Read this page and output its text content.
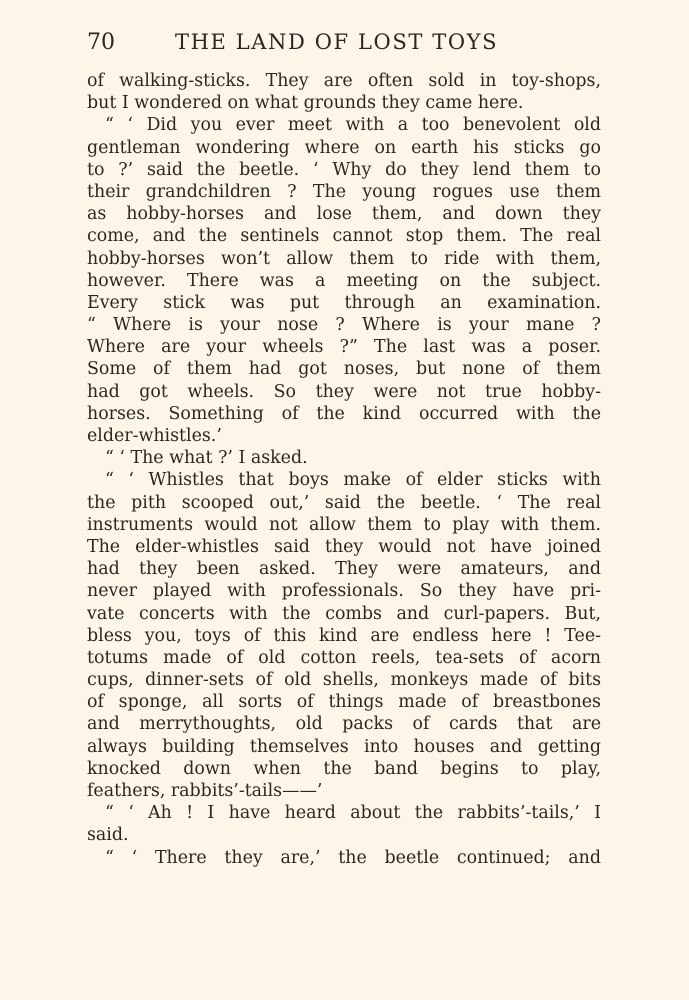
70	THE LAND OF LOST TOYS
of walking-sticks. They are often sold in toy-shops,
but I wondered on what grounds they came here.
“ ‘ Did you ever meet with a too benevolent old
gentleman wondering where on earth his sticks go
to ?’ said the beetle. ‘ Why do they lend them to
their grandchildren ? The young rogues use them
as hobby-horses and lose them, and down they
come, and the sentinels cannot stop them. The real
hobby-horses won’t allow them to ride with them,
however. There was a meeting on the subject.
Every stick was put through an examination.
“ Where is your nose ? Where is your mane ?
Where are your wheels ?” The last was a poser.
Some of them had got noses, but none of them
had got wheels. So they were not true hobby-
horses. Something of the kind occurred with the
elder-whistles.’
“ ‘ The what ?’ I asked.
“ ‘ Whistles that boys make of elder sticks with
the pith scooped out,’ said the beetle. ‘ The real
instruments would not allow them to play with them.
The elder-whistles said they would not have joined
had they been asked. They were amateurs, and
never played with professionals. So they have pri-
vate concerts with the combs and curl-papers. But,
bless you, toys of this kind are endless here ! Tee-
totums made of old cotton reels, tea-sets of acorn
cups, dinner-sets of old shells, monkeys made of bits
of sponge, all sorts of things made of breastbones
and merrythoughts, old packs of cards that are
always building themselves into houses and getting
knocked down when the band begins to play,
feathers, rabbits’-tails——’
“ ‘ Ah ! I have heard about the rabbits’-tails,’ I
said.
“ ‘ There they are,’ the beetle continued; and
